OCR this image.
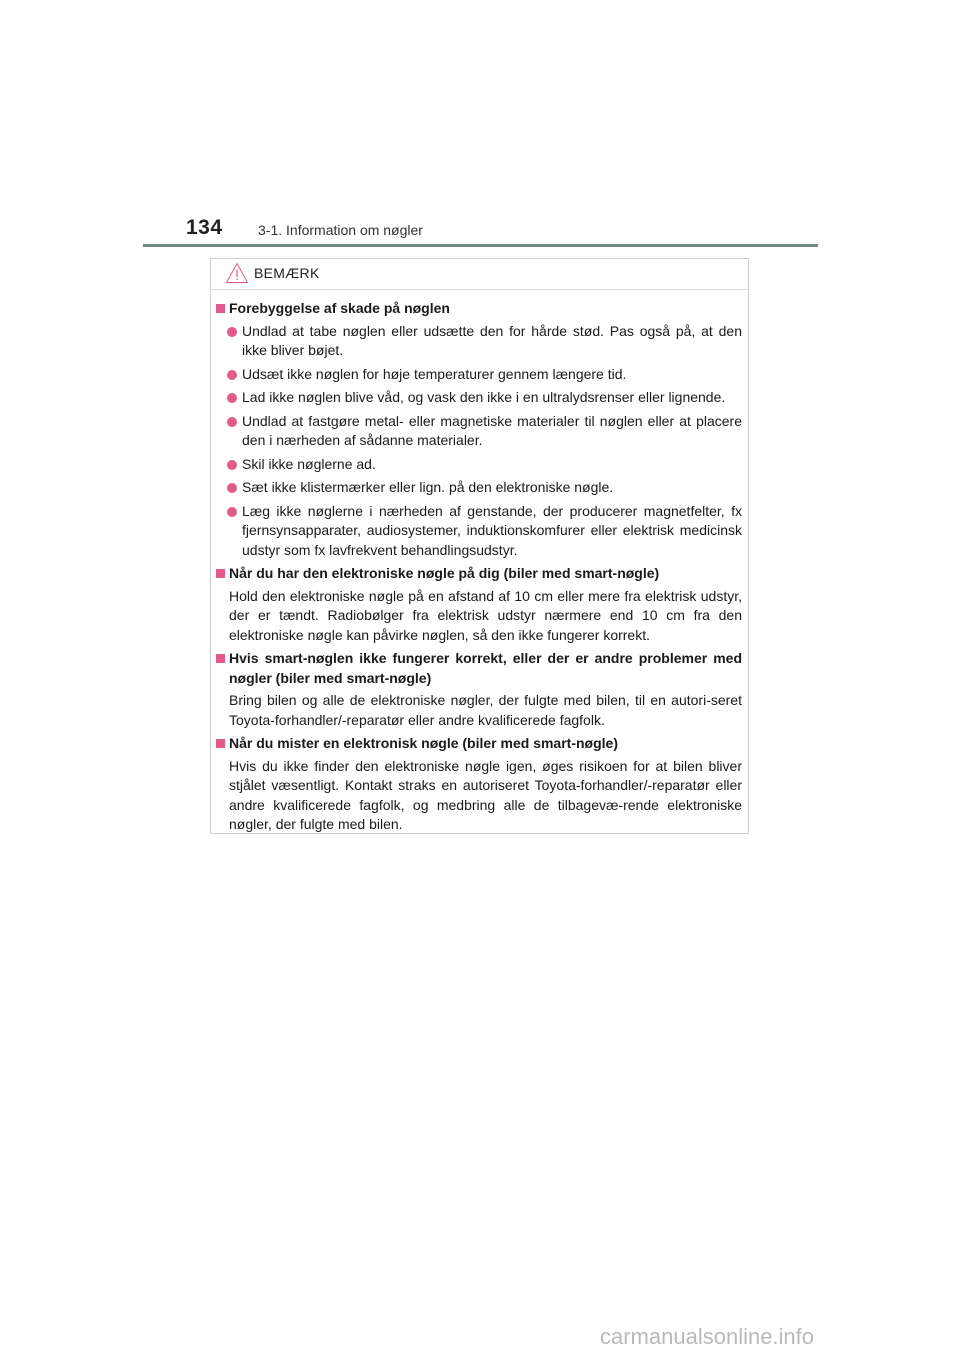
134	3-1. Information om nøgler
BEMÆRK
Forebyggelse af skade på nøglen
Undlad at tabe nøglen eller udsætte den for hårde stød. Pas også på, at den ikke bliver bøjet.
Udsæt ikke nøglen for høje temperaturer gennem længere tid.
Lad ikke nøglen blive våd, og vask den ikke i en ultralydsrenser eller lignende.
Undlad at fastgøre metal- eller magnetiske materialer til nøglen eller at placere den i nærheden af sådanne materialer.
Skil ikke nøglerne ad.
Sæt ikke klistermærker eller lign. på den elektroniske nøgle.
Læg ikke nøglerne i nærheden af genstande, der producerer magnetfelter, fx fjernsynsapparater, audiosystemer, induktionskomfurer eller elektrisk medicinsk udstyr som fx lavfrekvent behandlingsudstyr.
Når du har den elektroniske nøgle på dig (biler med smart-nøgle)
Hold den elektroniske nøgle på en afstand af 10 cm eller mere fra elektrisk udstyr, der er tændt. Radiobølger fra elektrisk udstyr nærmere end 10 cm fra den elektroniske nøgle kan påvirke nøglen, så den ikke fungerer korrekt.
Hvis smart-nøglen ikke fungerer korrekt, eller der er andre problemer med nøgler (biler med smart-nøgle)
Bring bilen og alle de elektroniske nøgler, der fulgte med bilen, til en autori-seret Toyota-forhandler/-reparatør eller andre kvalificerede fagfolk.
Når du mister en elektronisk nøgle (biler med smart-nøgle)
Hvis du ikke finder den elektroniske nøgle igen, øges risikoen for at bilen bliver stjålet væsentligt. Kontakt straks en autoriseret Toyota-forhandler/-reparatør eller andre kvalificerede fagfolk, og medbring alle de tilbagevæ-rende elektroniske nøgler, der fulgte med bilen.
carmanualsonline.info
